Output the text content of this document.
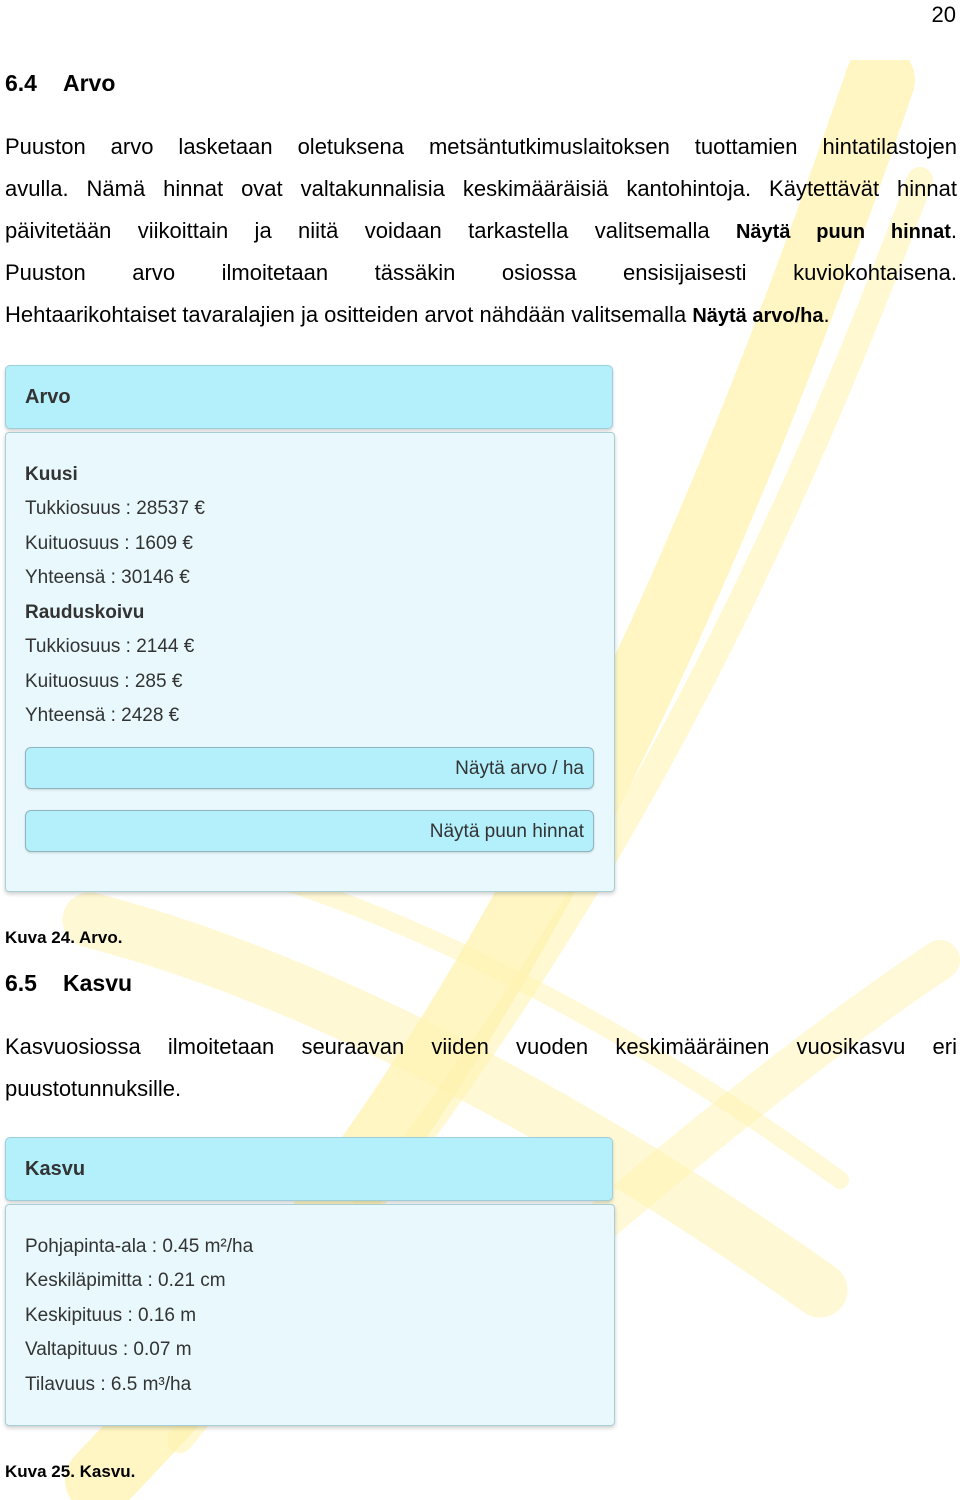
20
6.4 Arvo
Puuston arvo lasketaan oletuksena metsäntutkimuslaitoksen tuottamien hintatilastojen
avulla. Nämä hinnat ovat valtakunnalisia keskimääräisiä kantohintoja. Käytettävät hinnat
päivitetään viikoittain ja niitä voidaan tarkastella valitsemalla Näytä puun hinnat.
Puuston arvo ilmoitetaan tässäkin osiossa ensisijaisesti kuviokohtaisena.
Hehtaarikohtaiset tavaralajien ja ositteiden arvot nähdään valitsemalla Näytä arvo/ha.
Arvo
Kuusi
Tukkiosuus : 28537 €
Kuituosuus : 1609 €
Yhteensä : 30146 €
Rauduskoivu
Tukkiosuus : 2144 €
Kuituosuus : 285 €
Yhteensä : 2428 €
Näytä arvo / ha
Näytä puun hinnat
Kuva 24. Arvo.
6.5 Kasvu
Kasvuosiossa ilmoitetaan seuraavan viiden vuoden keskimääräinen vuosikasvu eri
puustotunnuksille.
Kasvu
Pohjapinta-ala : 0.45 m²/ha
Keskiläpimitta : 0.21 cm
Keskipituus : 0.16 m
Valtapituus : 0.07 m
Tilavuus : 6.5 m³/ha
Kuva 25. Kasvu.
